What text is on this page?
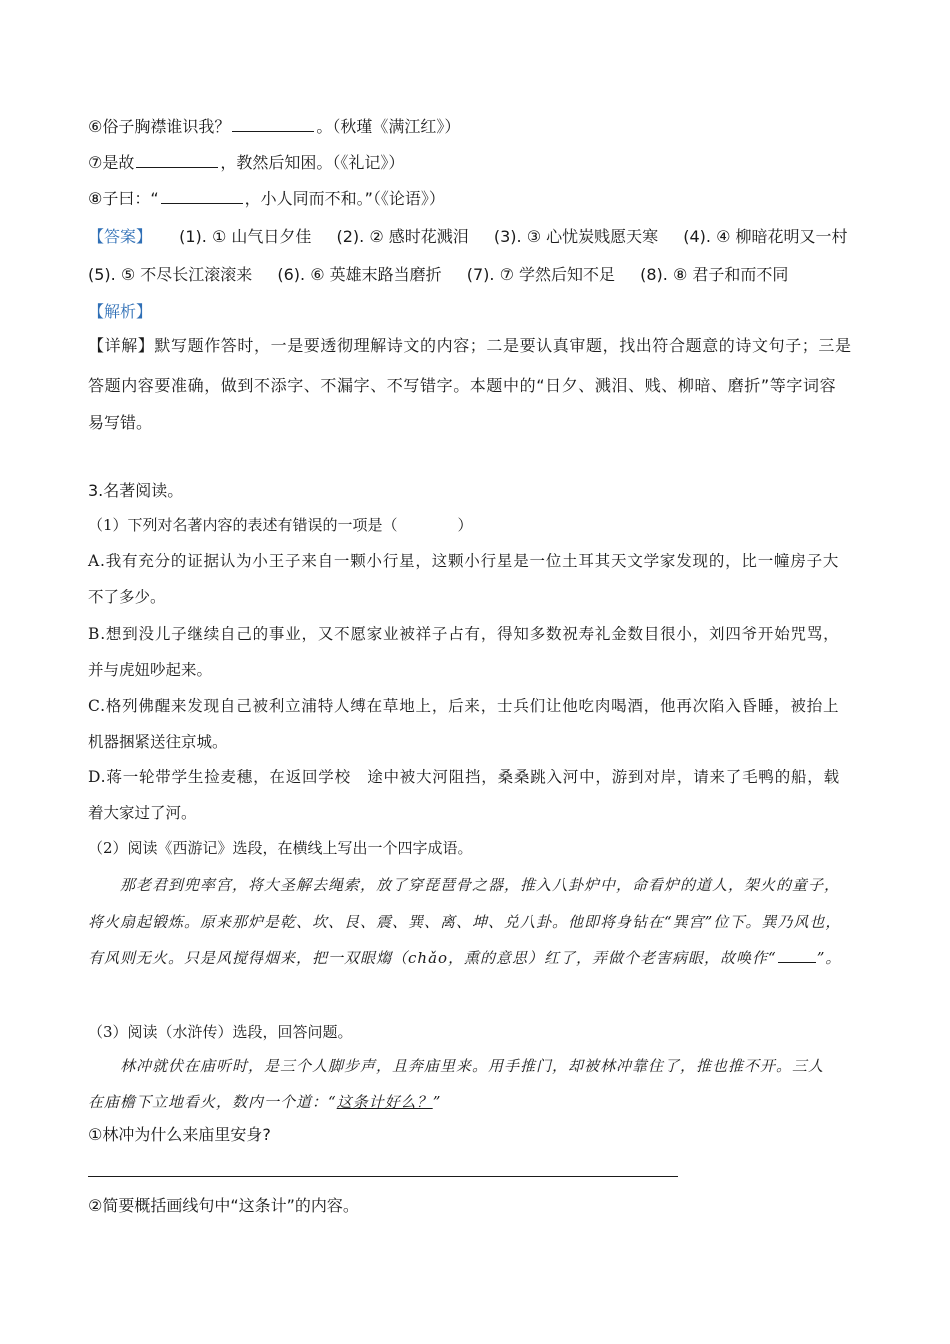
⑥俗子胸襟谁识我？	。（秋瑾《满江红》）
⑦是故	，教然后知困。（《礼记》）
⑧子曰：“	，小人同而不和。”（《论语》）
【答案】 (1). ① 山气日夕佳 (2). ② 感时花溅泪 (3). ③ 心忧炭贱愿天寒 (4). ④ 柳暗花明又一村
(5). ⑤ 不尽长江滚滚来 (6). ⑥ 英雄末路当磨折 (7). ⑦ 学然后知不足 (8). ⑧ 君子和而不同
【解析】
【详解】默写题作答时，一是要透彻理解诗文的内容；二是要认真审题，找出符合题意的诗文句子；三是
答题内容要准确，做到不添字、不漏字、不写错字。本题中的“日夕、溅泪、贱、柳暗、磨折”等字词容
易写错。
3.名著阅读。
（1）下列对名著内容的表述有错误的一项是（　　　　）
A.我有充分的证据认为小王子来自一颗小行星，这颗小行星是一位土耳其天文学家发现的，比一幢房子大
不了多少。
B.想到没儿子继续自己的事业，又不愿家业被祥子占有，得知多数祝寿礼金数目很小，刘四爷开始咒骂，
并与虎妞吵起来。
C.格列佛醒来发现自己被利立浦特人缚在草地上，后来，士兵们让他吃肉喝酒，他再次陷入昏睡，被抬上
机器捆紧送往京城。
D.蒋一轮带学生捡麦穗，在返回学校　途中被大河阻挡，桑桑跳入河中，游到对岸，请来了毛鸭的船，载
着大家过了河。
（2）阅读《西游记》选段，在横线上写出一个四字成语。
　　那老君到兜率宫，将大圣解去绳索，放了穿琵琶骨之器，推入八卦炉中，命看炉的道人，架火的童子，
将火扇起锻炼。原来那炉是乾、坎、艮、震、巽、离、坤、兑八卦。他即将身钻在“巽宫”位下。巽乃风也，
有风则无火。只是风搅得烟来，把一双眼煼（chǎo，熏的意思）红了，弄做个老害病眼，故唤作“	”。
（3）阅读（水浒传）选段，回答问题。
　　林冲就伏在庙听时，是三个人脚步声，且奔庙里来。用手推门，却被林冲靠住了，推也推不开。三人
在庙檐下立地看火，数内一个道：“这条计好么？”
①林冲为什么来庙里安身?
②简要概括画线句中“这条计”的内容。
